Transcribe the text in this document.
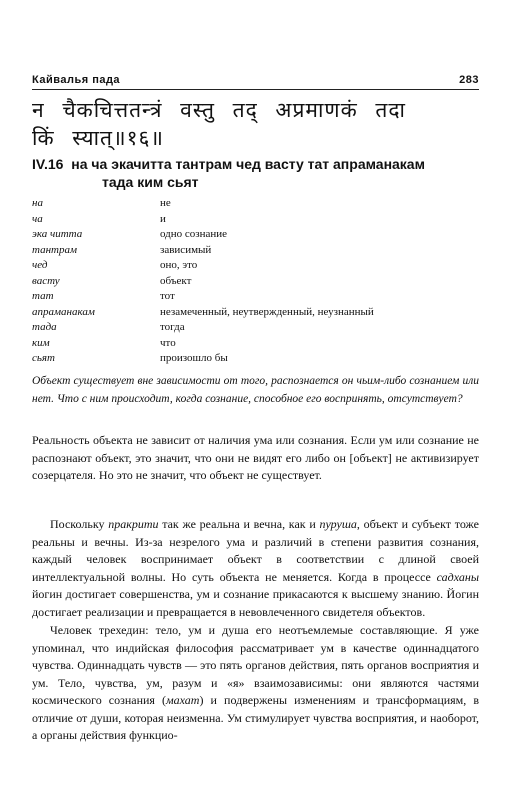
Кайвалья пада	283
न चैकचित्ततन्त्रं वस्तु तद् अप्रमाणकं तदा
किं स्यात्॥१६॥
IV.16 на ча экачитта тантрам чед васту тат апраманакам
тада ким сьят
на	не
ча	и
эка читта	одно сознание
тантрам	зависимый
чед	оно, это
васту	объект
тат	тот
апраманакам	незамеченный, неутвержденный, неузнанный
тада	тогда
ким	что
сьят	произошло бы
Объект существует вне зависимости от того, распознается он чьим-либо сознанием или нет. Что с ним происходит, когда сознание, способное его воспринять, отсутствует?
Реальность объекта не зависит от наличия ума или сознания. Если ум или сознание не распознают объект, это значит, что они не видят его либо он [объект] не активизирует созерцателя. Но это не значит, что объект не существует.
Поскольку пракрити так же реальна и вечна, как и пуруша, объект и субъект тоже реальны и вечны. Из-за незрелого ума и различий в степени развития сознания, каждый человек воспринимает объект в соответствии с длиной своей интеллектуальной волны. Но суть объекта не меняется. Когда в процессе садханы йогин достигает совершенства, ум и сознание прикасаются к высшему знанию. Йогин достигает реализации и превращается в невовлеченного свидетеля объектов.
Человек трехедин: тело, ум и душа его неотъемлемые составляющие. Я уже упоминал, что индийская философия рассматривает ум в качестве одиннадцатого чувства. Одиннадцать чувств — это пять органов действия, пять органов восприятия и ум. Тело, чувства, ум, разум и «я» взаимозависимы: они являются частями космического сознания (махат) и подвержены изменениям и трансформациям, в отличие от души, которая неизменна. Ум стимулирует чувства восприятия, и наоборот, а органы действия функцио-
